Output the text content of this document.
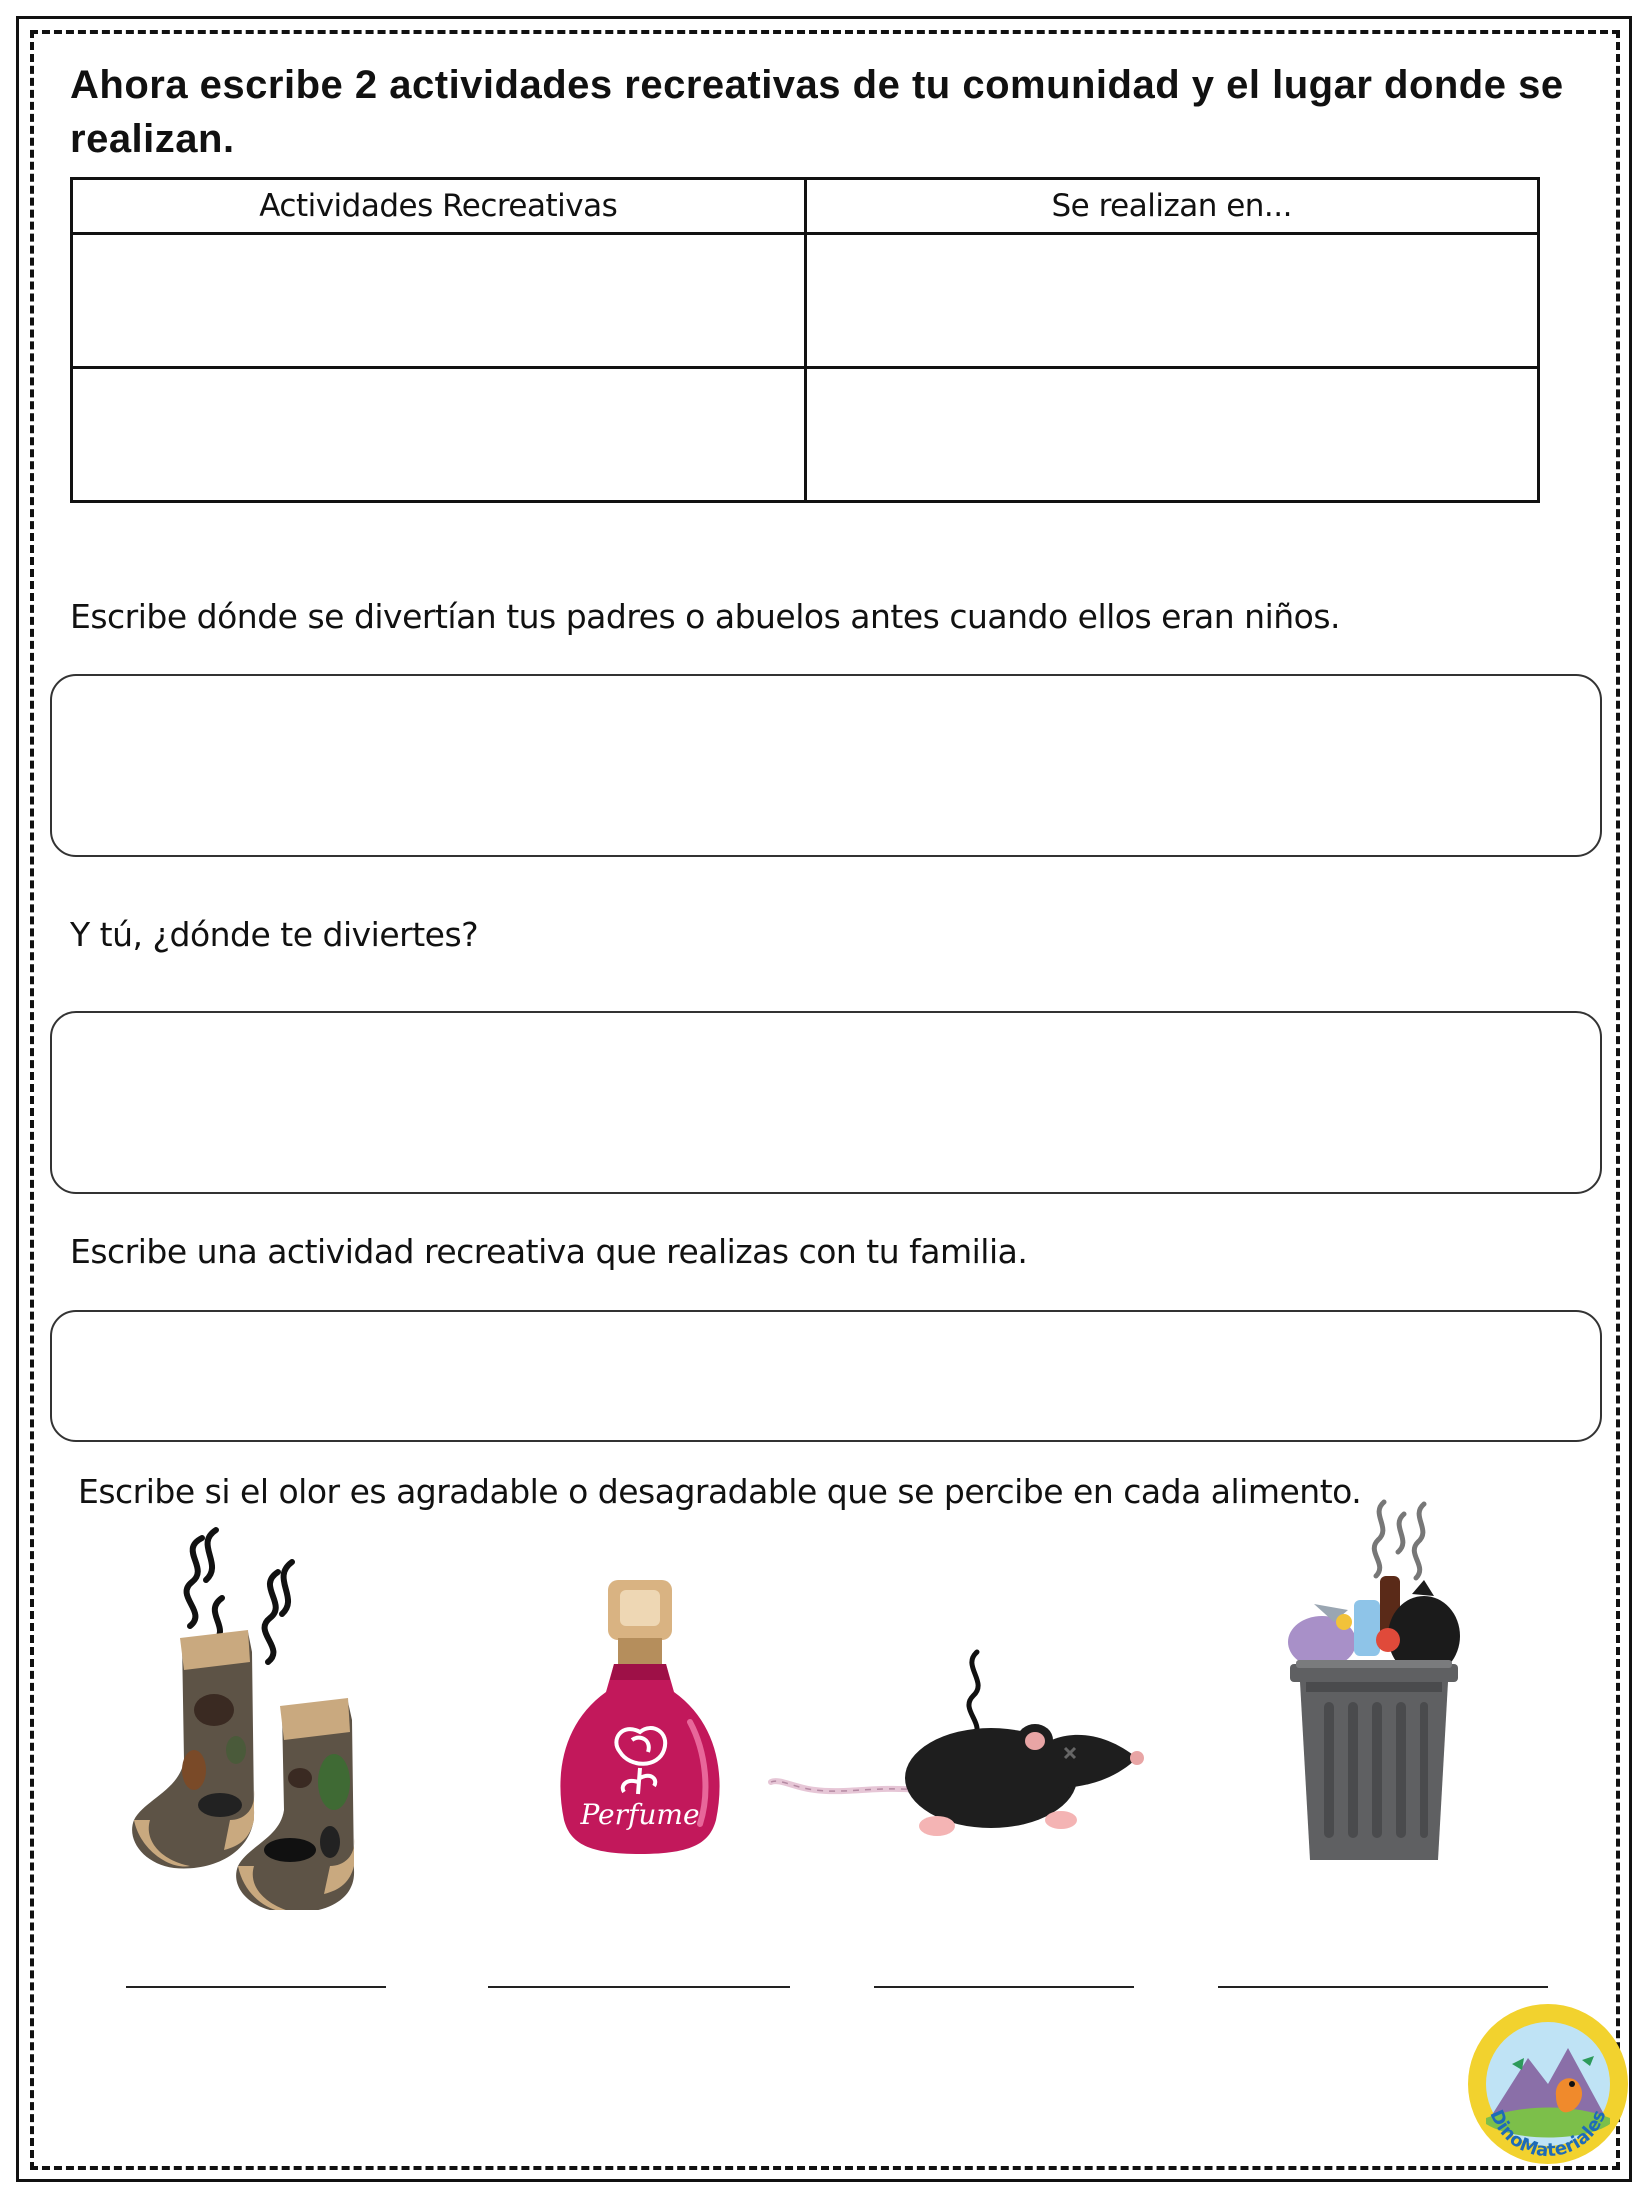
Ahora escribe 2 actividades recreativas de tu comunidad y el lugar donde se realizan.
Actividades Recreativas	Se realizan en...

Escribe dónde se divertían tus padres o abuelos antes cuando ellos eran niños.
Y tú, ¿dónde te diviertes?
Escribe una actividad recreativa que realizas con tu familia.
Escribe si el olor es agradable o desagradable que se percibe en cada alimento.
Perfume
DinoMateriales
